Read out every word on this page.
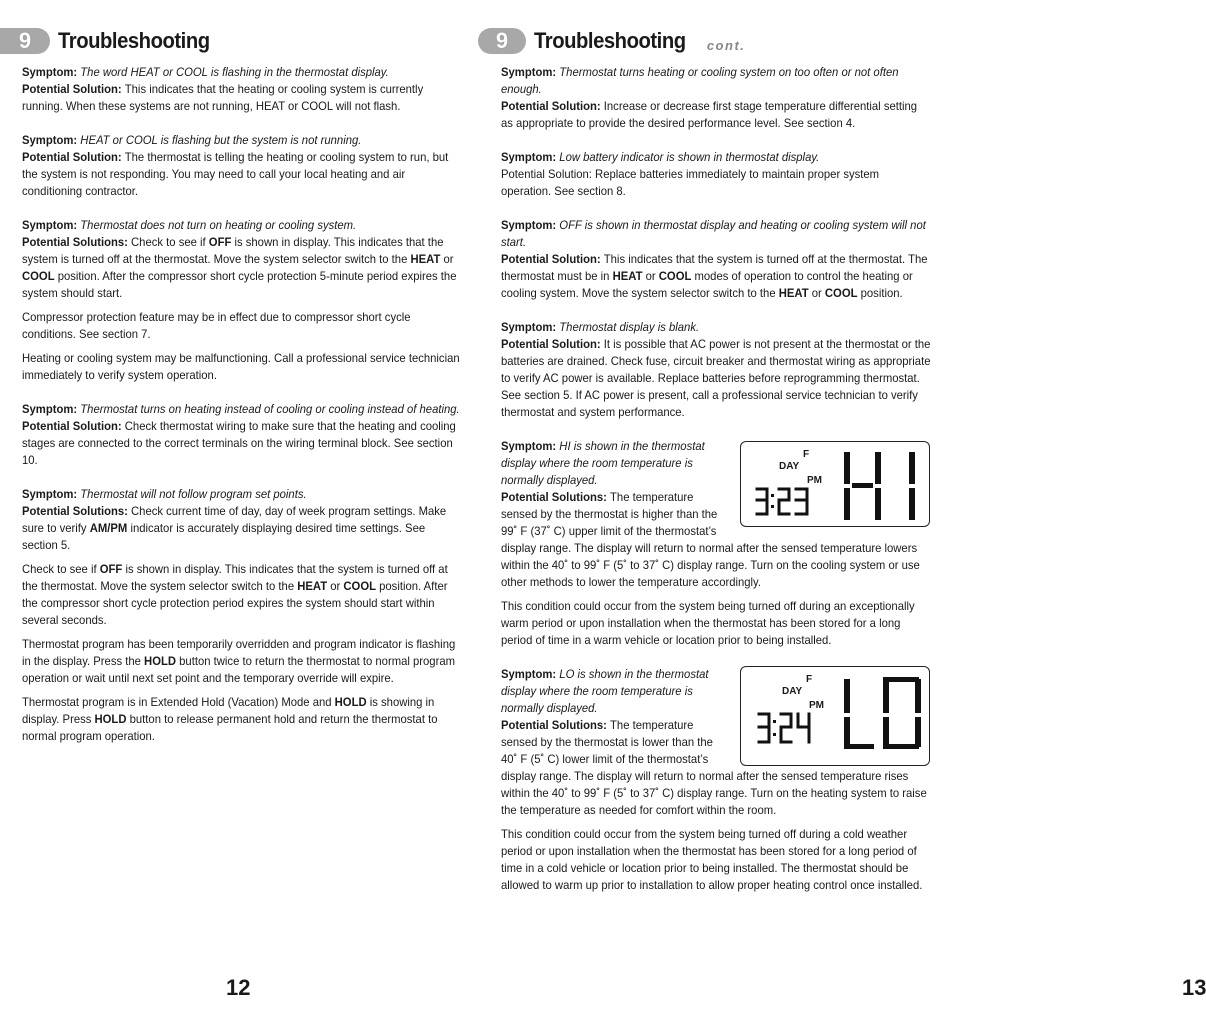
9 Troubleshooting

Symptom: The word HEAT or COOL is flashing in the thermostat display.

Potential Solution: This indicates that the heating or cooling system is currently running. When these systems are not running, HEAT or COOL will not flash.

Symptom: HEAT or COOL is flashing but the system is not running.

Potential Solution: The thermostat is telling the heating or cooling system to run, but the system is not responding. You may need to call your local heating and air conditioning contractor.

Symptom: Thermostat does not turn on heating or cooling system.

Potential Solutions: Check to see if OFF is shown in display. This indicates that the system is turned off at the thermostat. Move the system selector switch to the HEAT or COOL position. After the compressor short cycle protection 5-minute period expires the system should start.

Compressor protection feature may be in effect due to compressor short cycle conditions. See section 7.

Heating or cooling system may be malfunctioning. Call a professional service technician immediately to verify system operation.

Symptom: Thermostat turns on heating instead of cooling or cooling instead of heating.

Potential Solution: Check thermostat wiring to make sure that the heating and cooling stages are connected to the correct terminals on the wiring terminal block. See section 10.

Symptom: Thermostat will not follow program set points.

Potential Solutions: Check current time of day, day of week program settings. Make sure to verify AM/PM indicator is accurately displaying desired time settings. See section 5.

Check to see if OFF is shown in display. This indicates that the system is turned off at the thermostat. Move the system selector switch to the HEAT or COOL position. After the compressor short cycle protection period expires the system should start within several seconds.

Thermostat program has been temporarily overridden and program indicator is flashing in the display. Press the HOLD button twice to return the thermostat to normal program operation or wait until next set point and the temporary override will expire.

Thermostat program is in Extended Hold (Vacation) Mode and HOLD is showing in display. Press HOLD button to release permanent hold and return the thermostat to normal program operation.

12
9 Troubleshooting cont.

Symptom: Thermostat turns heating or cooling system on too often or not often enough.

Potential Solution: Increase or decrease first stage temperature differential setting as appropriate to provide the desired performance level. See section 4.

Symptom: Low battery indicator is shown in thermostat display.

Potential Solution: Replace batteries immediately to maintain proper system operation. See section 8.

Symptom: OFF is shown in thermostat display and heating or cooling system will not start.

Potential Solution: This indicates that the system is turned off at the thermostat. The thermostat must be in HEAT or COOL modes of operation to control the heating or cooling system. Move the system selector switch to the HEAT or COOL position.

Symptom: Thermostat display is blank.

Potential Solution: It is possible that AC power is not present at the thermostat or the batteries are drained. Check fuse, circuit breaker and thermostat wiring as appropriate to verify AC power is available. Replace batteries before reprogramming thermostat. See section 5. If AC power is present, call a professional service technician to verify thermostat and system performance.

Symptom: HI is shown in the thermostat display where the room temperature is normally displayed.

Potential Solutions: The temperature sensed by the thermostat is higher than the 99˚ F (37˚ C) upper limit of the thermostat’s display range. The display will return to normal after the sensed temperature lowers within the 40˚ to 99˚ F (5˚ to 37˚ C) display range. Turn on the cooling system or use other methods to lower the temperature accordingly.

This condition could occur from the system being turned off during an exceptionally warm period or upon installation when the thermostat has been stored for a long period of time in a warm vehicle or location prior to being installed.

Symptom: LO is shown in the thermostat display where the room temperature is normally displayed.

Potential Solutions: The temperature sensed by the thermostat is lower than the 40˚ F (5˚ C) lower limit of the thermostat’s display range. The display will return to normal after the sensed temperature rises within the 40˚ to 99˚ F (5˚ to 37˚ C) display range. Turn on the heating system to raise the temperature as needed for comfort within the room.

This condition could occur from the system being turned off during a cold weather period or upon installation when the thermostat has been stored for a long period of time in a cold vehicle or location prior to being installed. The thermostat should be allowed to warm up prior to installation to allow proper heating control once installed.

13
F
DAY
PM
F
DAY
PM
